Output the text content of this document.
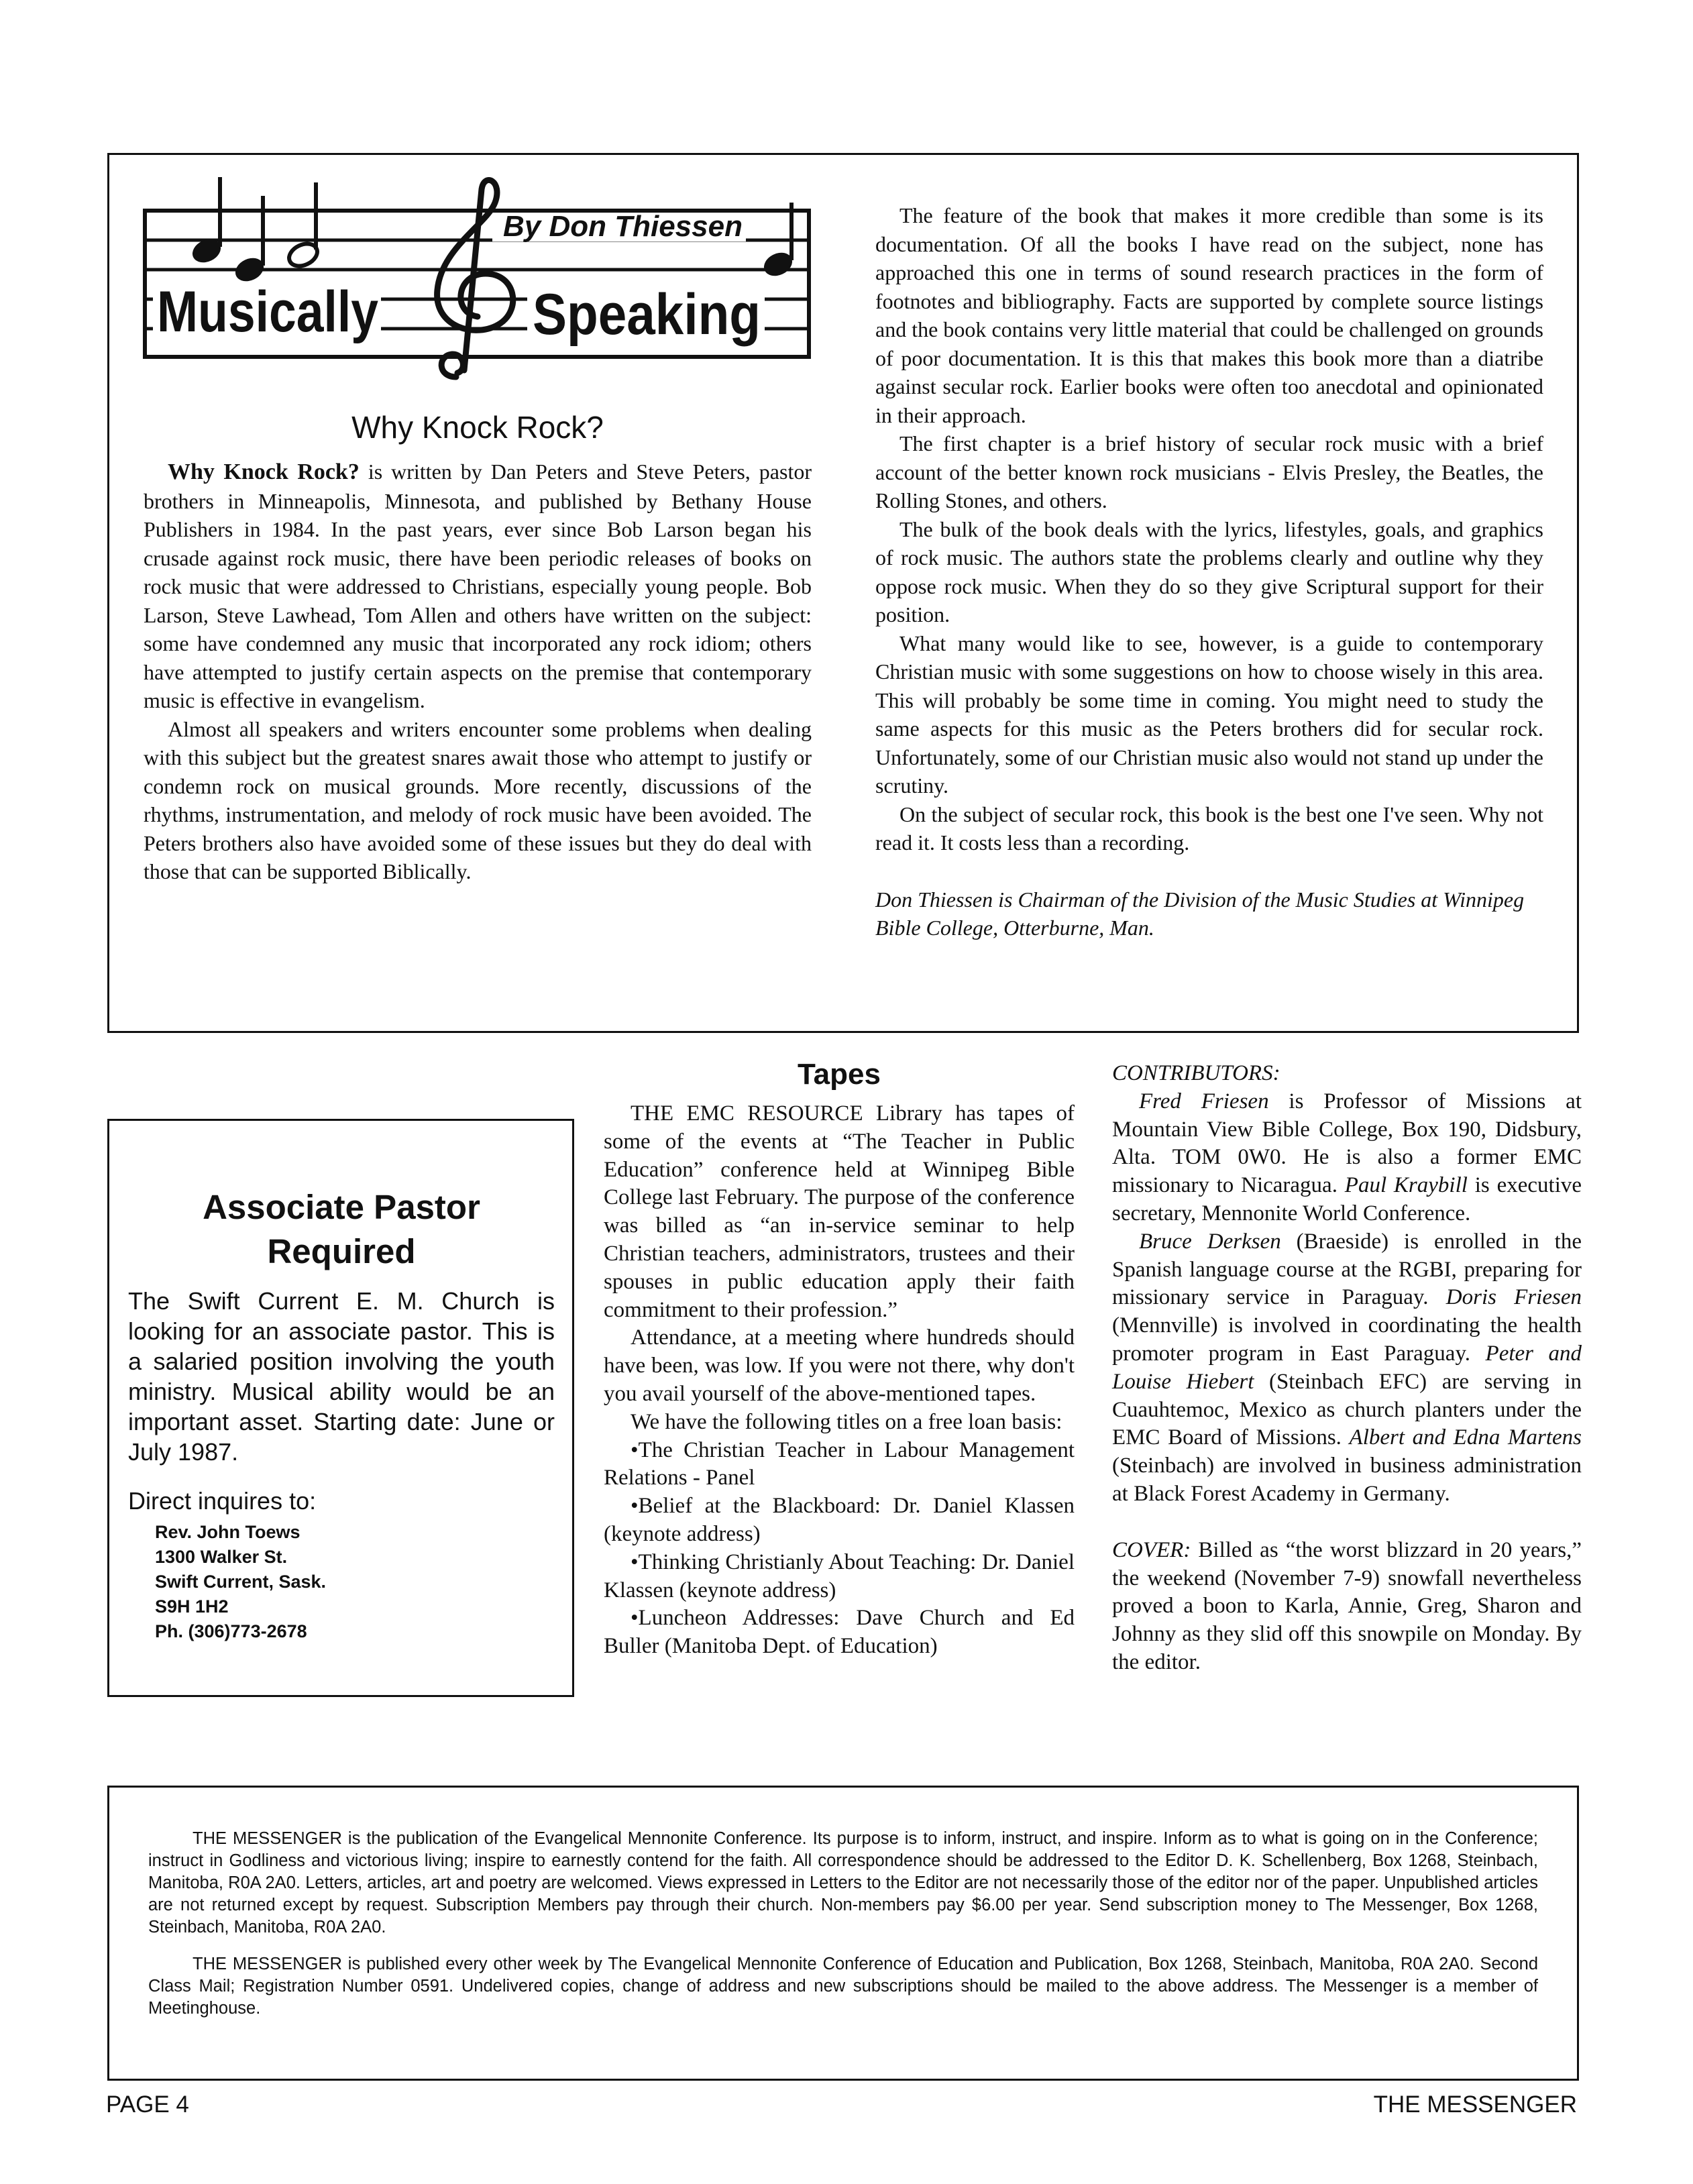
By Don Thiessen
Musically	Speaking
Why Knock Rock?

Why Knock Rock? is written by Dan Peters and Steve Peters, pastor brothers in Minneapolis, Minnesota, and published by Bethany House Publishers in 1984. In the past years, ever since Bob Larson began his crusade against rock music, there have been periodic releases of books on rock music that were addressed to Christians, especially young people. Bob Larson, Steve Lawhead, Tom Allen and others have written on the subject: some have condemned any music that incorporated any rock idiom; others have attempted to justify certain aspects on the premise that contemporary music is effective in evangelism.

Almost all speakers and writers encounter some problems when dealing with this subject but the greatest snares await those who attempt to justify or condemn rock on musical grounds. More recently, discussions of the rhythms, instrumentation, and melody of rock music have been avoided. The Peters brothers also have avoided some of these issues but they do deal with those that can be supported Biblically.

The feature of the book that makes it more credible than some is its documentation. Of all the books I have read on the subject, none has approached this one in terms of sound research practices in the form of footnotes and bibliography. Facts are supported by complete source listings and the book contains very little material that could be challenged on grounds of poor documentation. It is this that makes this book more than a diatribe against secular rock. Earlier books were often too anecdotal and opinionated in their approach.

The first chapter is a brief history of secular rock music with a brief account of the better known rock musicians - Elvis Presley, the Beatles, the Rolling Stones, and others.

The bulk of the book deals with the lyrics, lifestyles, goals, and graphics of rock music. The authors state the problems clearly and outline why they oppose rock music. When they do so they give Scriptural support for their position.

What many would like to see, however, is a guide to contemporary Christian music with some suggestions on how to choose wisely in this area. This will probably be some time in coming. You might need to study the same aspects for this music as the Peters brothers did for secular rock. Unfortunately, some of our Christian music also would not stand up under the scrutiny.

On the subject of secular rock, this book is the best one I've seen. Why not read it. It costs less than a recording.

Don Thiessen is Chairman of the Division of the Music Studies at Winnipeg Bible College, Otterburne, Man.

Associate Pastor Required

The Swift Current E. M. Church is looking for an associate pastor. This is a salaried position involving the youth ministry. Musical ability would be an important asset. Starting date: June or July 1987.

Direct inquires to:

Rev. John Toews
1300 Walker St.
Swift Current, Sask.
S9H 1H2
Ph. (306)773-2678
Tapes

THE EMC RESOURCE Library has tapes of some of the events at “The Teacher in Public Education” conference held at Winnipeg Bible College last February. The purpose of the conference was billed as “an in-service seminar to help Christian teachers, administrators, trustees and their spouses in public education apply their faith commitment to their profession.”

Attendance, at a meeting where hundreds should have been, was low. If you were not there, why don't you avail yourself of the above-mentioned tapes.

We have the following titles on a free loan basis:

•The Christian Teacher in Labour Management Relations - Panel

•Belief at the Blackboard: Dr. Daniel Klassen (keynote address)

•Thinking Christianly About Teaching: Dr. Daniel Klassen (keynote address)

•Luncheon Addresses: Dave Church and Ed Buller (Manitoba Dept. of Education)

CONTRIBUTORS:

Fred Friesen is Professor of Missions at Mountain View Bible College, Box 190, Didsbury, Alta. TOM 0W0. He is also a former EMC missionary to Nicaragua. Paul Kraybill is executive secretary, Mennonite World Conference.

Bruce Derksen (Braeside) is enrolled in the Spanish language course at the RGBI, preparing for missionary service in Paraguay. Doris Friesen (Mennville) is involved in coordinating the health promoter program in East Paraguay. Peter and Louise Hiebert (Steinbach EFC) are serving in Cuauhtemoc, Mexico as church planters under the EMC Board of Missions. Albert and Edna Martens (Steinbach) are involved in business administration at Black Forest Academy in Germany.

COVER: Billed as “the worst blizzard in 20 years,” the weekend (November 7-9) snowfall nevertheless proved a boon to Karla, Annie, Greg, Sharon and Johnny as they slid off this snowpile on Monday. By the editor.

THE MESSENGER is the publication of the Evangelical Mennonite Conference. Its purpose is to inform, instruct, and inspire. Inform as to what is going on in the Conference; instruct in Godliness and victorious living; inspire to earnestly contend for the faith. All correspondence should be addressed to the Editor D. K. Schellenberg, Box 1268, Steinbach, Manitoba, R0A 2A0. Letters, articles, art and poetry are welcomed. Views expressed in Letters to the Editor are not necessarily those of the editor nor of the paper. Unpublished articles are not returned except by request. Subscription Members pay through their church. Non-members pay $6.00 per year. Send subscription money to The Messenger, Box 1268, Steinbach, Manitoba, R0A 2A0.

THE MESSENGER is published every other week by The Evangelical Mennonite Conference of Education and Publication, Box 1268, Steinbach, Manitoba, R0A 2A0. Second Class Mail; Registration Number 0591. Undelivered copies, change of address and new subscriptions should be mailed to the above address. The Messenger is a member of Meetinghouse.

PAGE 4	THE MESSENGER
